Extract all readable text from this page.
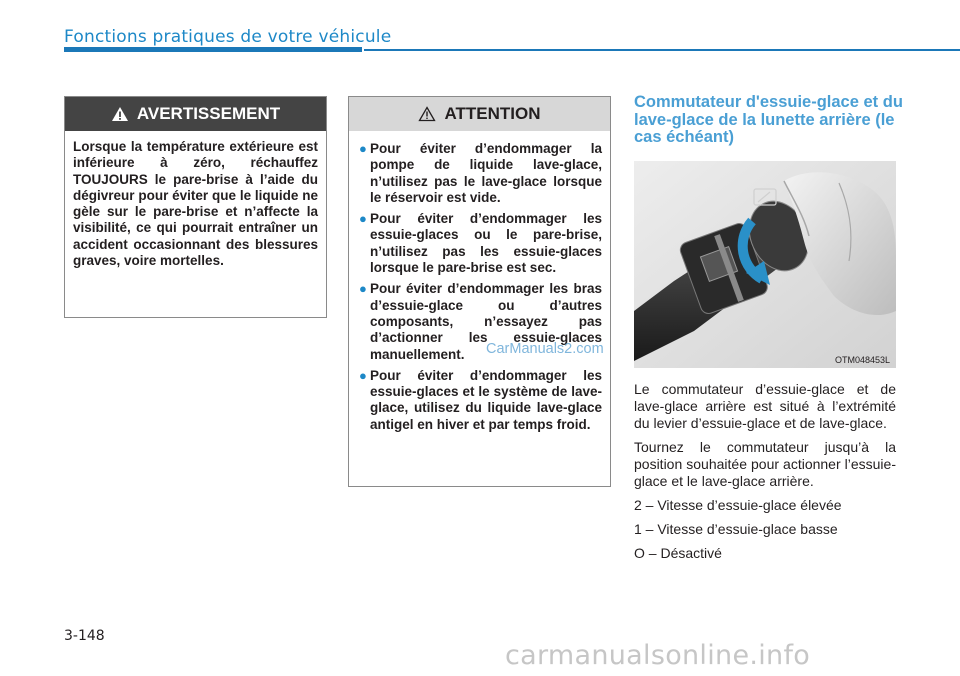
Fonctions pratiques de votre véhicule
AVERTISSEMENT
Lorsque la température extérieure est inférieure à zéro, réchauffez TOUJOURS le pare-brise à l’aide du dégivreur pour éviter que le liquide ne gèle sur le pare-brise et n’affecte la visibilité, ce qui pourrait entraîner un accident occasionnant des blessures graves, voire mortelles.
ATTENTION
● Pour éviter d’endommager la pompe de liquide lave-glace, n’utilisez pas le lave-glace lorsque le réservoir est vide.
● Pour éviter d’endommager les essuie-glaces ou le pare-brise, n’utilisez pas les essuie-glaces lorsque le pare-brise est sec.
● Pour éviter d’endommager les bras d’essuie-glace ou d’autres composants, n’essayez pas d’actionner les essuie-glaces manuellement.
● Pour éviter d’endommager les essuie-glaces et le système de lave-glace, utilisez du liquide lave-glace antigel en hiver et par temps froid.
CarManuals2.com
Commutateur d'essuie-glace et du lave-glace de la lunette arrière (le cas échéant)
OTM048453L

Le commutateur d’essuie-glace et de lave-glace arrière est situé à l’extrémité du levier d’essuie-glace et de lave-glace.

Tournez le commutateur jusqu’à la position souhaitée pour actionner l’essuie-glace et le lave-glace arrière.

2 – Vitesse d’essuie-glace élevée

1 – Vitesse d’essuie-glace basse

O – Désactivé

3-148
carmanualsonline.info
